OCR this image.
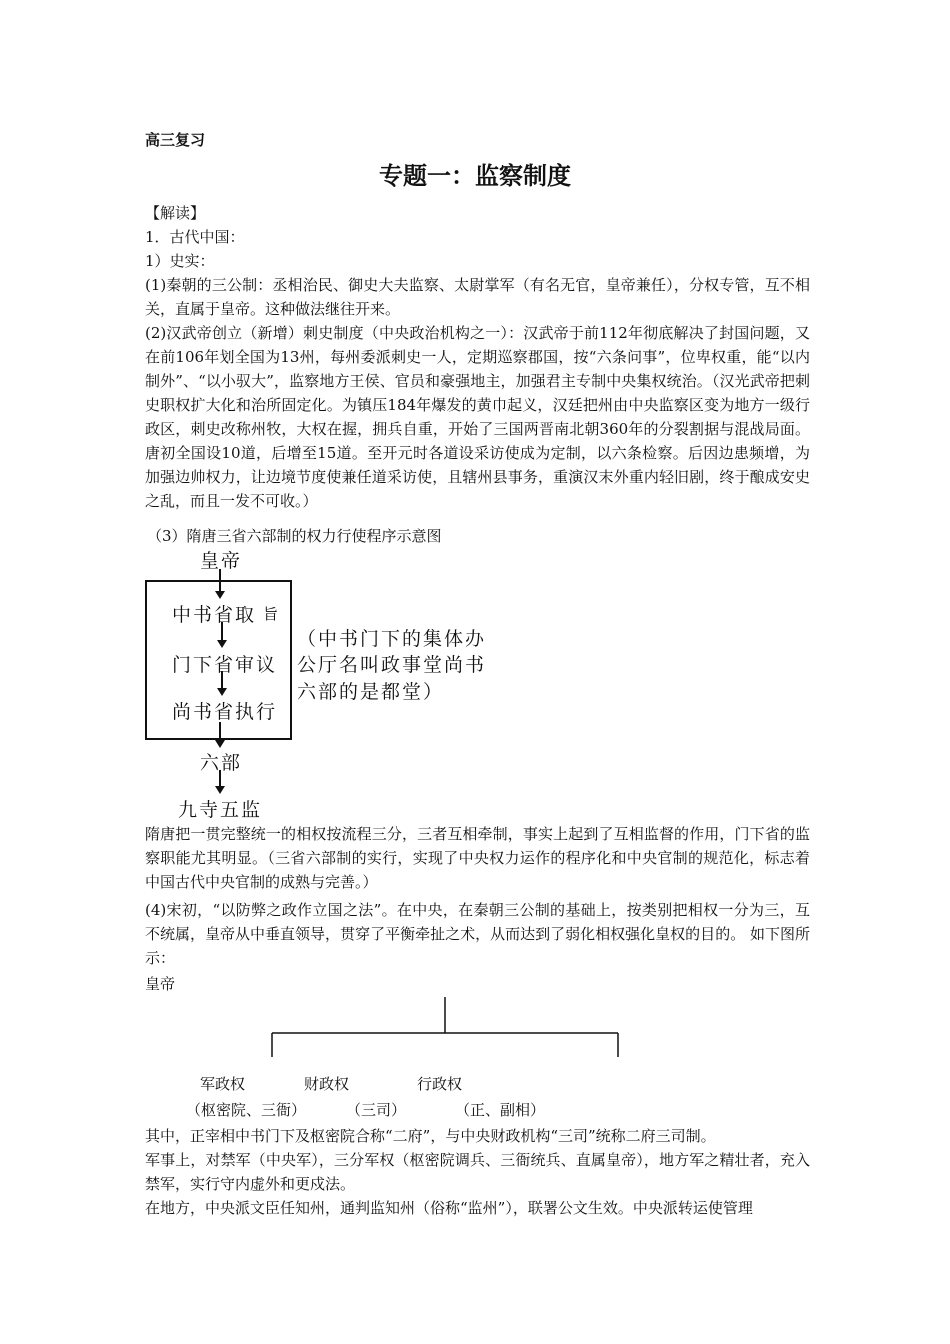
高三复习
专题一：监察制度
【解读】
1．古代中国：
1）史实：
(1)秦朝的三公制：丞相治民、御史大夫监察、太尉掌军（有名无官，皇帝兼任），分权专管，互不相关，直属于皇帝。这种做法继往开来。
(2)汉武帝创立（新增）刺史制度（中央政治机构之一）：汉武帝于前112年彻底解决了封国问题，又在前106年划全国为13州，每州委派刺史一人，定期巡察郡国，按“六条问事”，位卑权重，能“以内制外”、“以小驭大”，监察地方王侯、官员和豪强地主，加强君主专制中央集权统治。（汉光武帝把刺史职权扩大化和治所固定化。为镇压184年爆发的黄巾起义，汉廷把州由中央监察区变为地方一级行政区，刺史改称州牧，大权在握，拥兵自重，开始了三国两晋南北朝360年的分裂割据与混战局面。唐初全国设10道，后增至15道。至开元时各道设采访使成为定制，以六条检察。后因边患频增，为加强边帅权力，让边境节度使兼任道采访使，且辖州县事务，重演汉末外重内轻旧剧，终于酿成安史之乱，而且一发不可收。）
（3）隋唐三省六部制的权力行使程序示意图
皇帝
中书省取 旨
门下省审议
尚书省执行
六部
九寺五监
（中书门下的集体办
公厅名叫政事堂尚书
六部的是都堂）
隋唐把一贯完整统一的相权按流程三分，三者互相牵制，事实上起到了互相监督的作用，门下省的监察职能尤其明显。（三省六部制的实行，实现了中央权力运作的程序化和中央官制的规范化，标志着中国古代中央官制的成熟与完善。）
(4)宋初，“以防弊之政作立国之法”。在中央，在秦朝三公制的基础上，按类别把相权一分为三，互不统属，皇帝从中垂直领导，贯穿了平衡牵扯之术，从而达到了弱化相权强化皇权的目的。 如下图所示：
皇帝
军政权	财政权	行政权
（枢密院、三衙）	（三司）	（正、副相）
其中，正宰相中书门下及枢密院合称“二府”，与中央财政机构“三司”统称二府三司制。
军事上，对禁军（中央军），三分军权（枢密院调兵、三衙统兵、直属皇帝），地方军之精壮者，充入禁军，实行守内虚外和更戍法。
在地方，中央派文臣任知州，通判监知州（俗称“监州”），联署公文生效。中央派转运使管理
